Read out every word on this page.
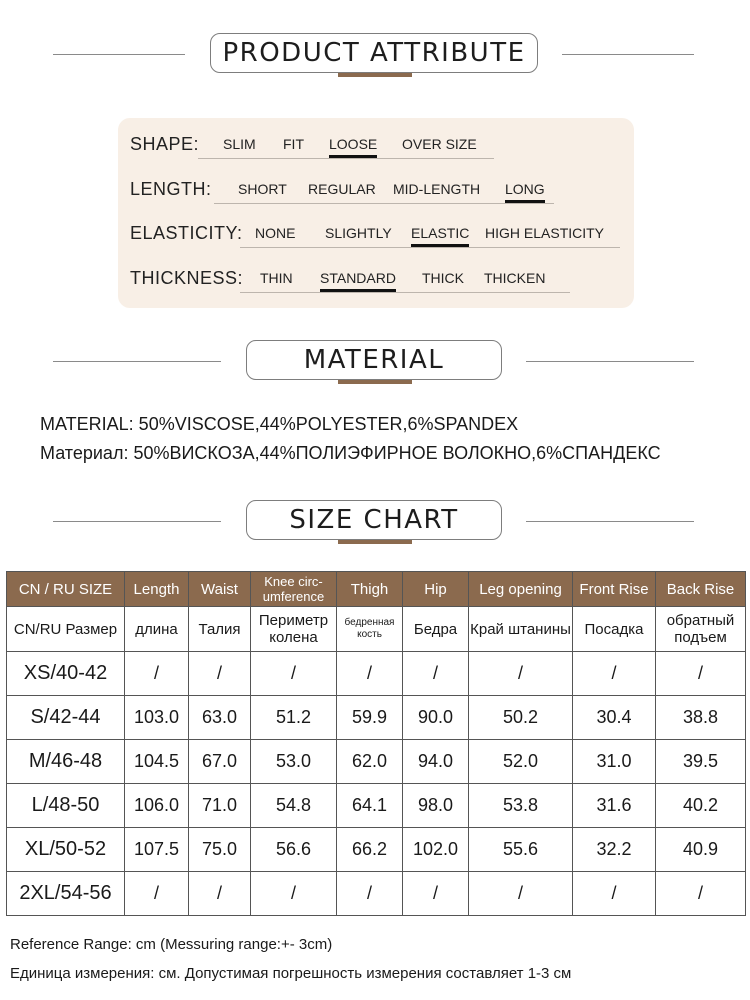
PRODUCT ATTRIBUTE
SHAPE: SLIM FIT LOOSE OVER SIZE
LENGTH: SHORT REGULAR MID-LENGTH LONG
ELASTICITY: NONE SLIGHTLY ELASTIC HIGH ELASTICITY
THICKNESS: THIN STANDARD THICK THICKEN
MATERIAL
MATERIAL: 50%VISCOSE,44%POLYESTER,6%SPANDEX
Материал: 50%ВИСКОЗА,44%ПОЛИЭФИРНОЕ ВОЛОКНО,6%СПАНДЕКС
SIZE CHART
CN / RU SIZE	Length	Waist	Knee circ-umference	Thigh	Hip	Leg opening	Front Rise	Back Rise
CN/RU Размер	длина	Талия	Периметр колена	бедренная кость	Бедра	Край штанины	Посадка	обратный подъем
XS/40-42	/	/	/	/	/	/	/	/
S/42-44	103.0	63.0	51.2	59.9	90.0	50.2	30.4	38.8
M/46-48	104.5	67.0	53.0	62.0	94.0	52.0	31.0	39.5
L/48-50	106.0	71.0	54.8	64.1	98.0	53.8	31.6	40.2
XL/50-52	107.5	75.0	56.6	66.2	102.0	55.6	32.2	40.9
2XL/54-56	/	/	/	/	/	/	/	/
Reference Range: cm (Messuring range:+- 3cm)
Единица измерения: см. Допустимая погрешность измерения составляет 1-3 см
